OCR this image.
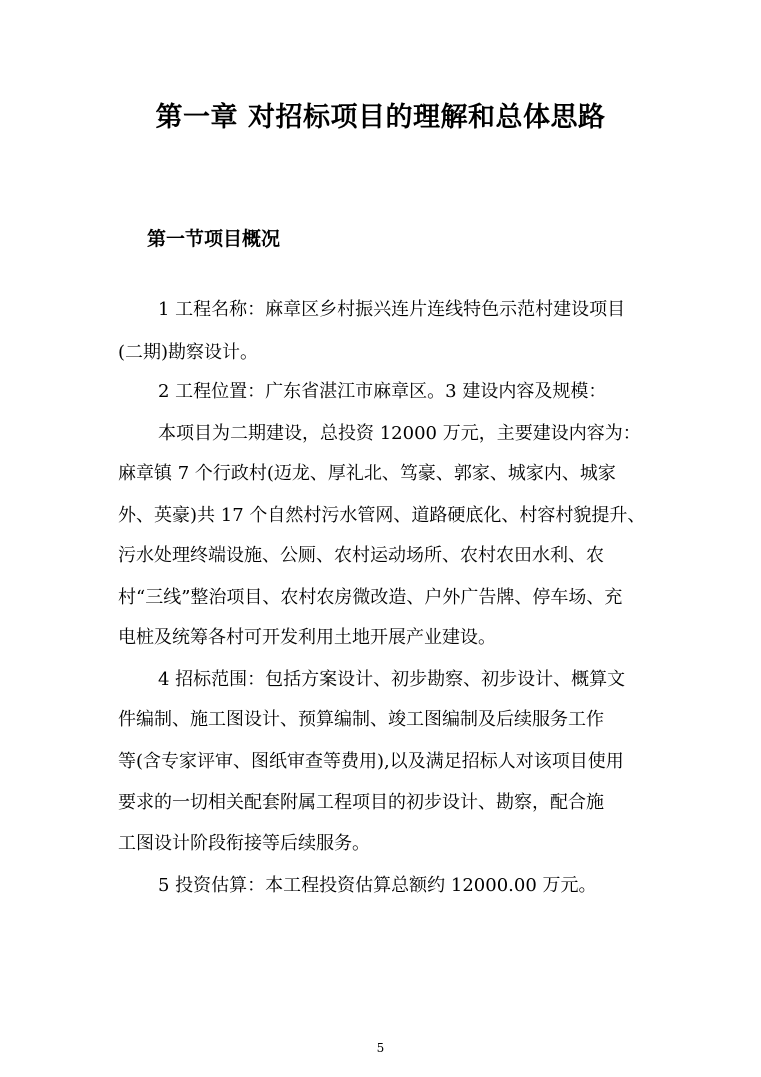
第一章 对招标项目的理解和总体思路
第一节项目概况
1 工程名称：麻章区乡村振兴连片连线特色示范村建设项目
(二期)勘察设计。
2 工程位置：广东省湛江市麻章区。3 建设内容及规模：
本项目为二期建设，总投资 12000 万元，主要建设内容为：
麻章镇 7 个行政村(迈龙、厚礼北、笃豪、郭家、城家内、城家
外、英豪)共 17 个自然村污水管网、道路硬底化、村容村貌提升、
污水处理终端设施、公厕、农村运动场所、农村农田水利、农
村“三线”整治项目、农村农房微改造、户外广告牌、停车场、充
电桩及统筹各村可开发利用土地开展产业建设。
4 招标范围：包括方案设计、初步勘察、初步设计、概算文
件编制、施工图设计、预算编制、竣工图编制及后续服务工作
等(含专家评审、图纸审查等费用),以及满足招标人对该项目使用
要求的一切相关配套附属工程项目的初步设计、勘察，配合施
工图设计阶段衔接等后续服务。
5 投资估算：本工程投资估算总额约 12000.00 万元。
5
